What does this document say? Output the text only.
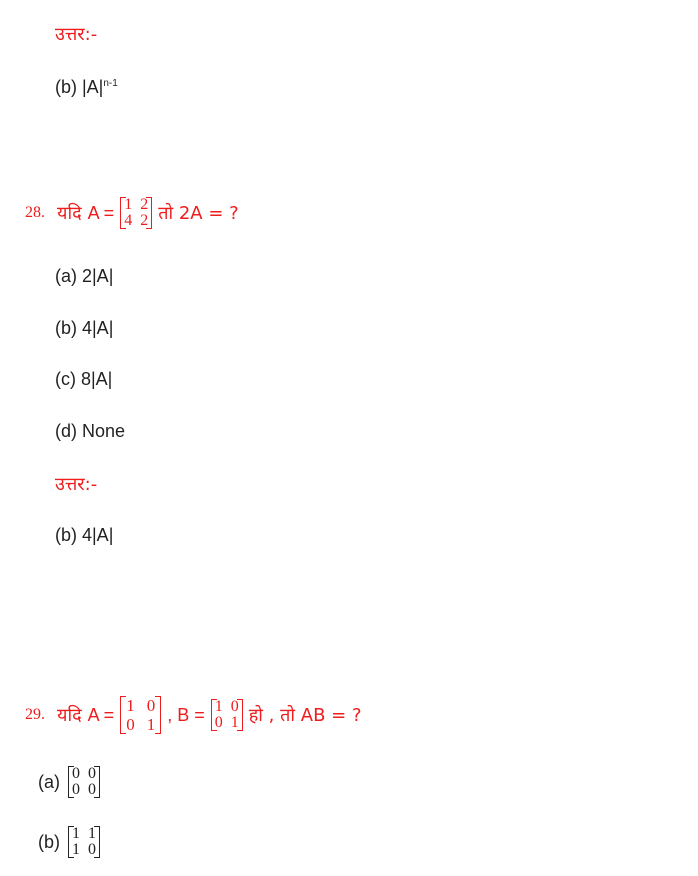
उत्तर:-
(b) $|A|^{n-1}$
28. यदि A = 1	2
4	2 तो 2A = ?
(a) 2|A|
(b) 4|A|
(c) 8|A|
(d) None
उत्तर:-
(b) 4|A|
29. यदि A = 1	0
0	1 , B = 1	0
0	1 हो , तो AB = ?
(a) 0	0
0	0
(b) 1	1
1	0
